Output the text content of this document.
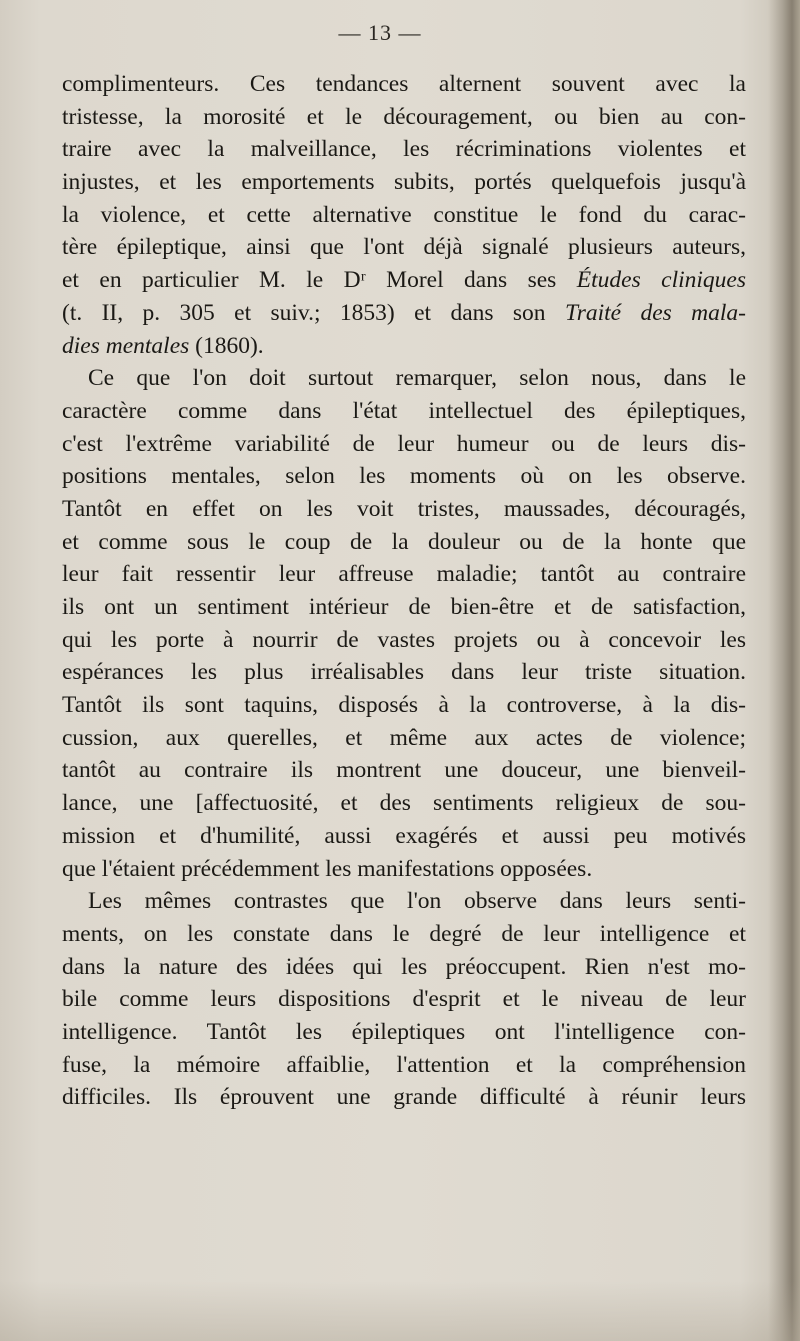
— 13 —
complimenteurs. Ces tendances alternent souvent avec la
tristesse, la morosité et le découragement, ou bien au con-
traire avec la malveillance, les récriminations violentes et
injustes, et les emportements subits, portés quelquefois jusqu'à
la violence, et cette alternative constitue le fond du carac-
tère épileptique, ainsi que l'ont déjà signalé plusieurs auteurs,
et en particulier M. le Dʳ Morel dans ses Études cliniques
(t. II, p. 305 et suiv.; 1853) et dans son Traité des mala-
dies mentales (1860).
Ce que l'on doit surtout remarquer, selon nous, dans le
caractère comme dans l'état intellectuel des épileptiques,
c'est l'extrême variabilité de leur humeur ou de leurs dis-
positions mentales, selon les moments où on les observe.
Tantôt en effet on les voit tristes, maussades, découragés,
et comme sous le coup de la douleur ou de la honte que
leur fait ressentir leur affreuse maladie; tantôt au contraire
ils ont un sentiment intérieur de bien-être et de satisfaction,
qui les porte à nourrir de vastes projets ou à concevoir les
espérances les plus irréalisables dans leur triste situation.
Tantôt ils sont taquins, disposés à la controverse, à la dis-
cussion, aux querelles, et même aux actes de violence;
tantôt au contraire ils montrent une douceur, une bienveil-
lance, une [affectuosité, et des sentiments religieux de sou-
mission et d'humilité, aussi exagérés et aussi peu motivés
que l'étaient précédemment les manifestations opposées.
Les mêmes contrastes que l'on observe dans leurs senti-
ments, on les constate dans le degré de leur intelligence et
dans la nature des idées qui les préoccupent. Rien n'est mo-
bile comme leurs dispositions d'esprit et le niveau de leur
intelligence. Tantôt les épileptiques ont l'intelligence con-
fuse, la mémoire affaiblie, l'attention et la compréhension
difficiles. Ils éprouvent une grande difficulté à réunir leurs
